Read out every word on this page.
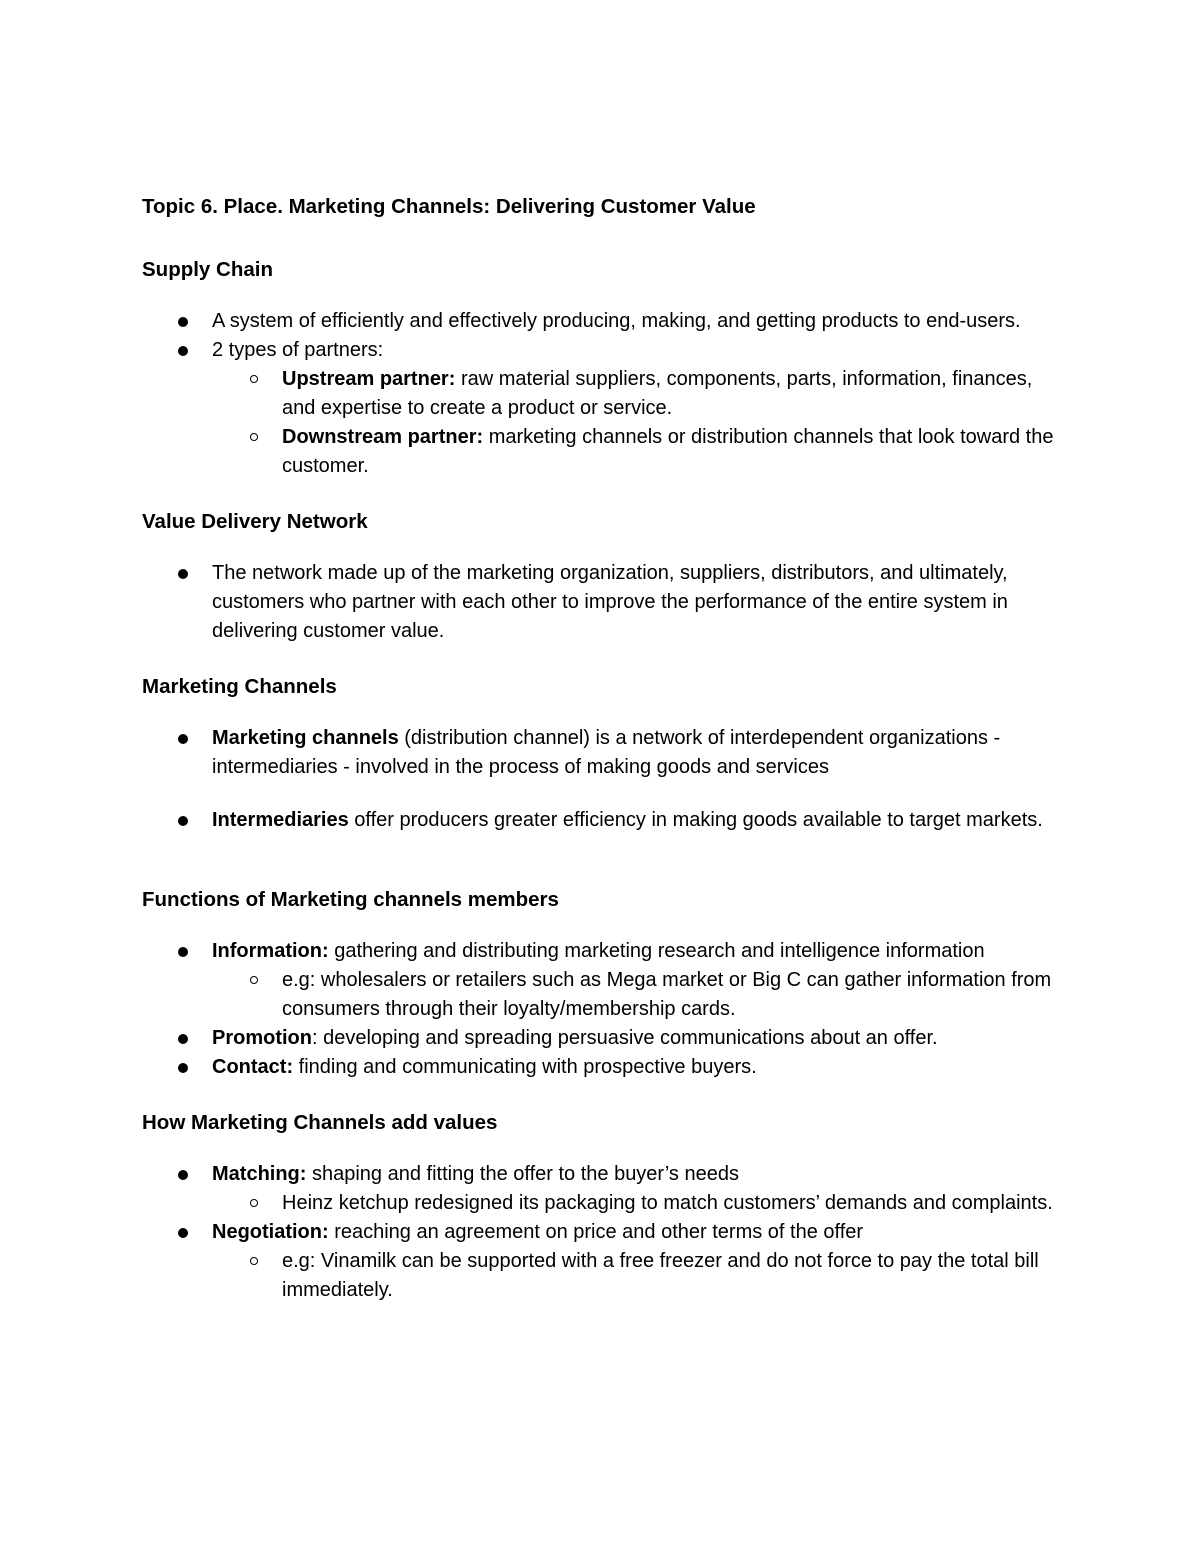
Topic 6. Place. Marketing Channels: Delivering Customer Value
Supply Chain
A system of efficiently and effectively producing, making, and getting products to end-users.
2 types of partners:
Upstream partner: raw material suppliers, components, parts, information, finances, and expertise to create a product or service.
Downstream partner: marketing channels or distribution channels that look toward the customer.
Value Delivery Network
The network made up of the marketing organization, suppliers, distributors, and ultimately, customers who partner with each other to improve the performance of the entire system in delivering customer value.
Marketing Channels
Marketing channels (distribution channel) is a network of interdependent organizations - intermediaries - involved in the process of making goods and services
Intermediaries offer producers greater efficiency in making goods available to target markets.
Functions of Marketing channels members
Information: gathering and distributing marketing research and intelligence information
e.g: wholesalers or retailers such as Mega market or Big C can gather information from consumers through their loyalty/membership cards.
Promotion: developing and spreading persuasive communications about an offer.
Contact: finding and communicating with prospective buyers.
How Marketing Channels add values
Matching: shaping and fitting the offer to the buyer’s needs
Heinz ketchup redesigned its packaging to match customers’ demands and complaints.
Negotiation: reaching an agreement on price and other terms of the offer
e.g: Vinamilk can be supported with a free freezer and do not force to pay the total bill immediately.
